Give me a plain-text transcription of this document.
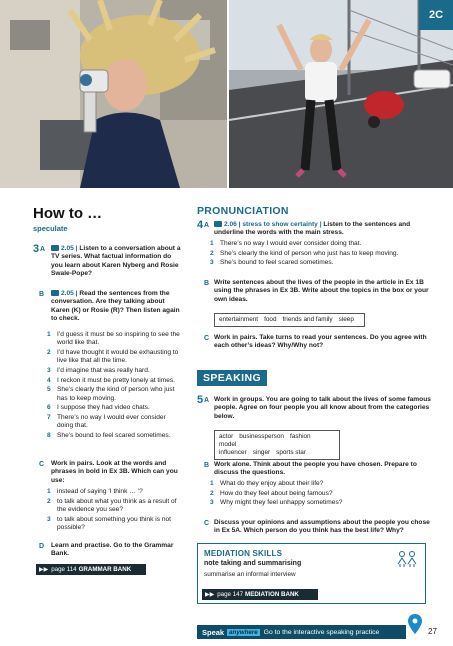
2C
How to …
speculate
3 A	2.05 | Listen to a conversation about a TV series. What factual information do you learn about Karen Nyberg and Rosie Swale-Pope?
B	2.05 | Read the sentences from the conversation. Are they talking about Karen (K) or Rosie (R)? Then listen again to check.
1 I’d guess it must be so inspiring to see the world like that.
2 I’d have thought it would be exhausting to live like that all the time.
3 I’d imagine that was really hard.
4 I reckon it must be pretty lonely at times.
5 She’s clearly the kind of person who just has to keep moving.
6 I suppose they had video chats.
7 There’s no way I would ever consider doing that.
8 She’s bound to feel scared sometimes.
C Work in pairs. Look at the words and phrases in bold in Ex 3B. Which can you use:
1 instead of saying ‘I think … ’?
2 to talk about what you think as a result of the evidence you see?
3 to talk about something you think is not possible?
D Learn and practise. Go to the Grammar Bank.
▶▶ page 114 GRAMMAR BANK
PRONUNCIATION
4 A	2.06 | stress to show certainty | Listen to the sentences and underline the words with the main stress.
1 There’s no way I would ever consider doing that.
2 She’s clearly the kind of person who just has to keep moving.
3 She’s bound to feel scared sometimes.
B Write sentences about the lives of the people in the article in Ex 1B using the phrases in Ex 3B. Write about the topics in the box or your own ideas.
entertainment food friends and family sleep
C Work in pairs. Take turns to read your sentences. Do you agree with each other’s ideas? Why/Why not?
SPEAKING
5 A Work in groups. You are going to talk about the lives of some famous people. Agree on four people you all know about from the categories below.
actor businessperson fashion model
influencer singer sports star
B Work alone. Think about the people you have chosen. Prepare to discuss the questions.
1 What do they enjoy about their life?
2 How do they feel about being famous?
3 Why might they feel unhappy sometimes?
C Discuss your opinions and assumptions about the people you chose in Ex 5A. Which person do you think has the best life? Why?
MEDIATION SKILLS
note taking and summarising
summarise an informal interview
▶▶ page 147 MEDIATION BANK
Speak anywhere Go to the interactive speaking practice	27
